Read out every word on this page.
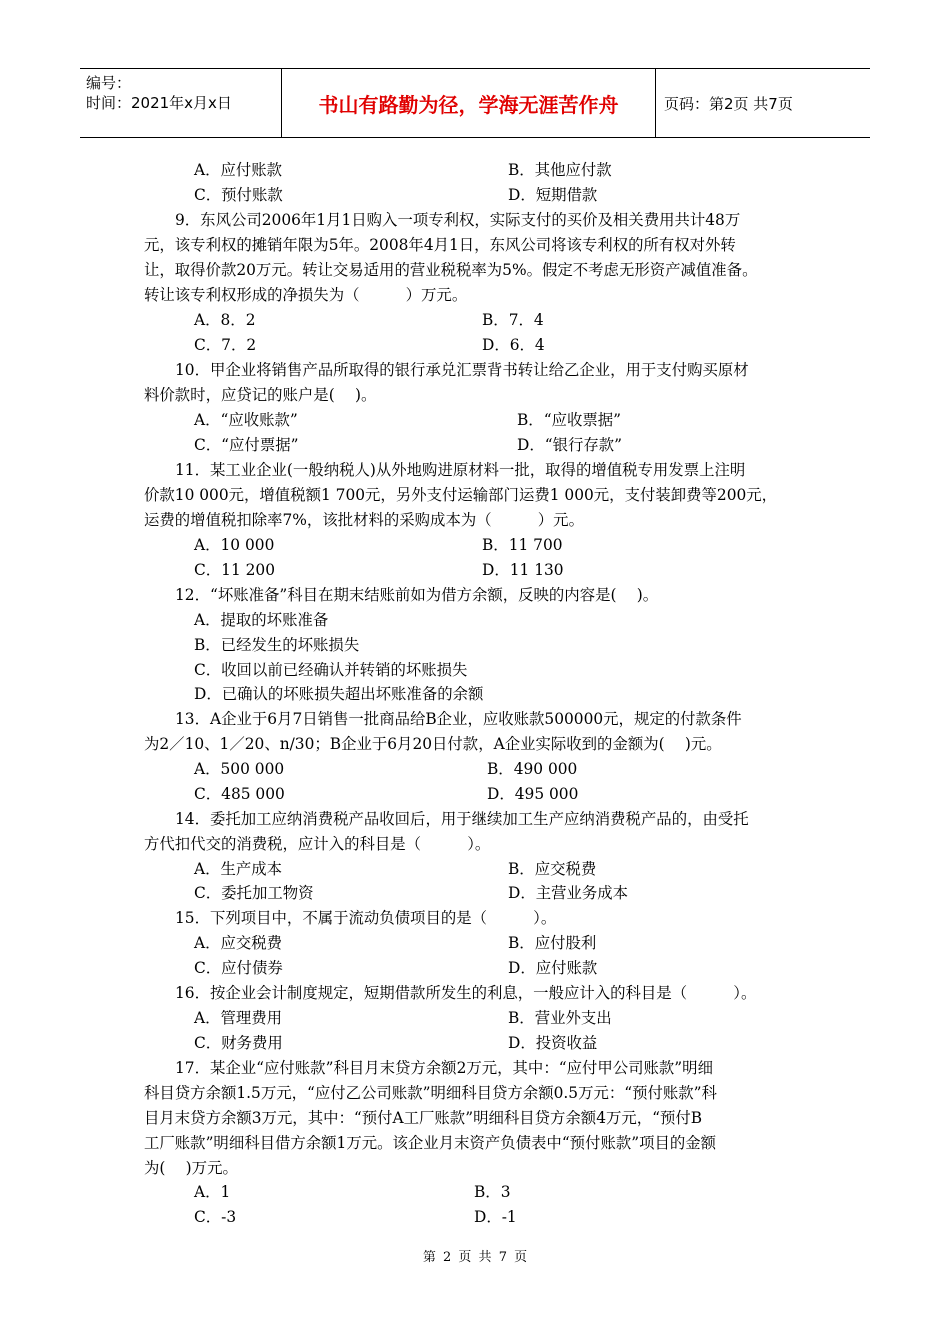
编号：
时间：2021年x月x日	书山有路勤为径，学海无涯苦作舟	页码：第2页 共7页
A．应付账款	B．其他应付款
C．预付账款	D．短期借款
9．东风公司2006年1月1日购入一项专利权，实际支付的买价及相关费用共计48万
元，该专利权的摊销年限为5年。2008年4月1日，东风公司将该专利权的所有权对外转
让，取得价款20万元。转让交易适用的营业税税率为5%。假定不考虑无形资产减值准备。
转让该专利权形成的净损失为（　　　）万元。
A．8．2	B．7．4
C．7．2	D．6．4
10．甲企业将销售产品所取得的银行承兑汇票背书转让给乙企业，用于支付购买原材
料价款时，应贷记的账户是(　 )。
A．“应收账款”	B．“应收票据”
C．“应付票据”	D．“银行存款”
11．某工业企业(一般纳税人)从外地购进原材料一批，取得的增值税专用发票上注明
价款10 000元，增值税额1 700元，另外支付运输部门运费1 000元，支付装卸费等200元，
运费的增值税扣除率7%，该批材料的采购成本为（　　　）元。
A．10 000	B．11 700
C．11 200	D．11 130
12．“坏账准备”科目在期末结账前如为借方余额，反映的内容是(　 )。
A．提取的坏账准备
B．已经发生的坏账损失
C．收回以前已经确认并转销的坏账损失
D．已确认的坏账损失超出坏账准备的余额
13．A企业于6月7日销售一批商品给B企业，应收账款500000元，规定的付款条件
为2／10、1／20、n/30；B企业于6月20日付款，A企业实际收到的金额为(　 )元。
A．500 000	B．490 000
C．485 000	D．495 000
14．委托加工应纳消费税产品收回后，用于继续加工生产应纳消费税产品的，由受托
方代扣代交的消费税，应计入的科目是（　　　）。
A．生产成本	B．应交税费
C．委托加工物资	D．主营业务成本
15．下列项目中，不属于流动负债项目的是（　　　）。
A．应交税费	B．应付股利
C．应付债券	D．应付账款
16．按企业会计制度规定，短期借款所发生的利息，一般应计入的科目是（　　　）。
A．管理费用	B．营业外支出
C．财务费用	D．投资收益
17．某企业“应付账款”科目月末贷方余额2万元，其中：“应付甲公司账款”明细
科目贷方余额1.5万元，“应付乙公司账款”明细科目贷方余额0.5万元：“预付账款”科
目月末贷方余额3万元，其中：“预付A工厂账款”明细科目贷方余额4万元，“预付B
工厂账款”明细科目借方余额1万元。该企业月末资产负债表中“预付账款”项目的金额
为(　 )万元。
A．1	B．3
C．-3	D．-1
第 2 页 共 7 页
